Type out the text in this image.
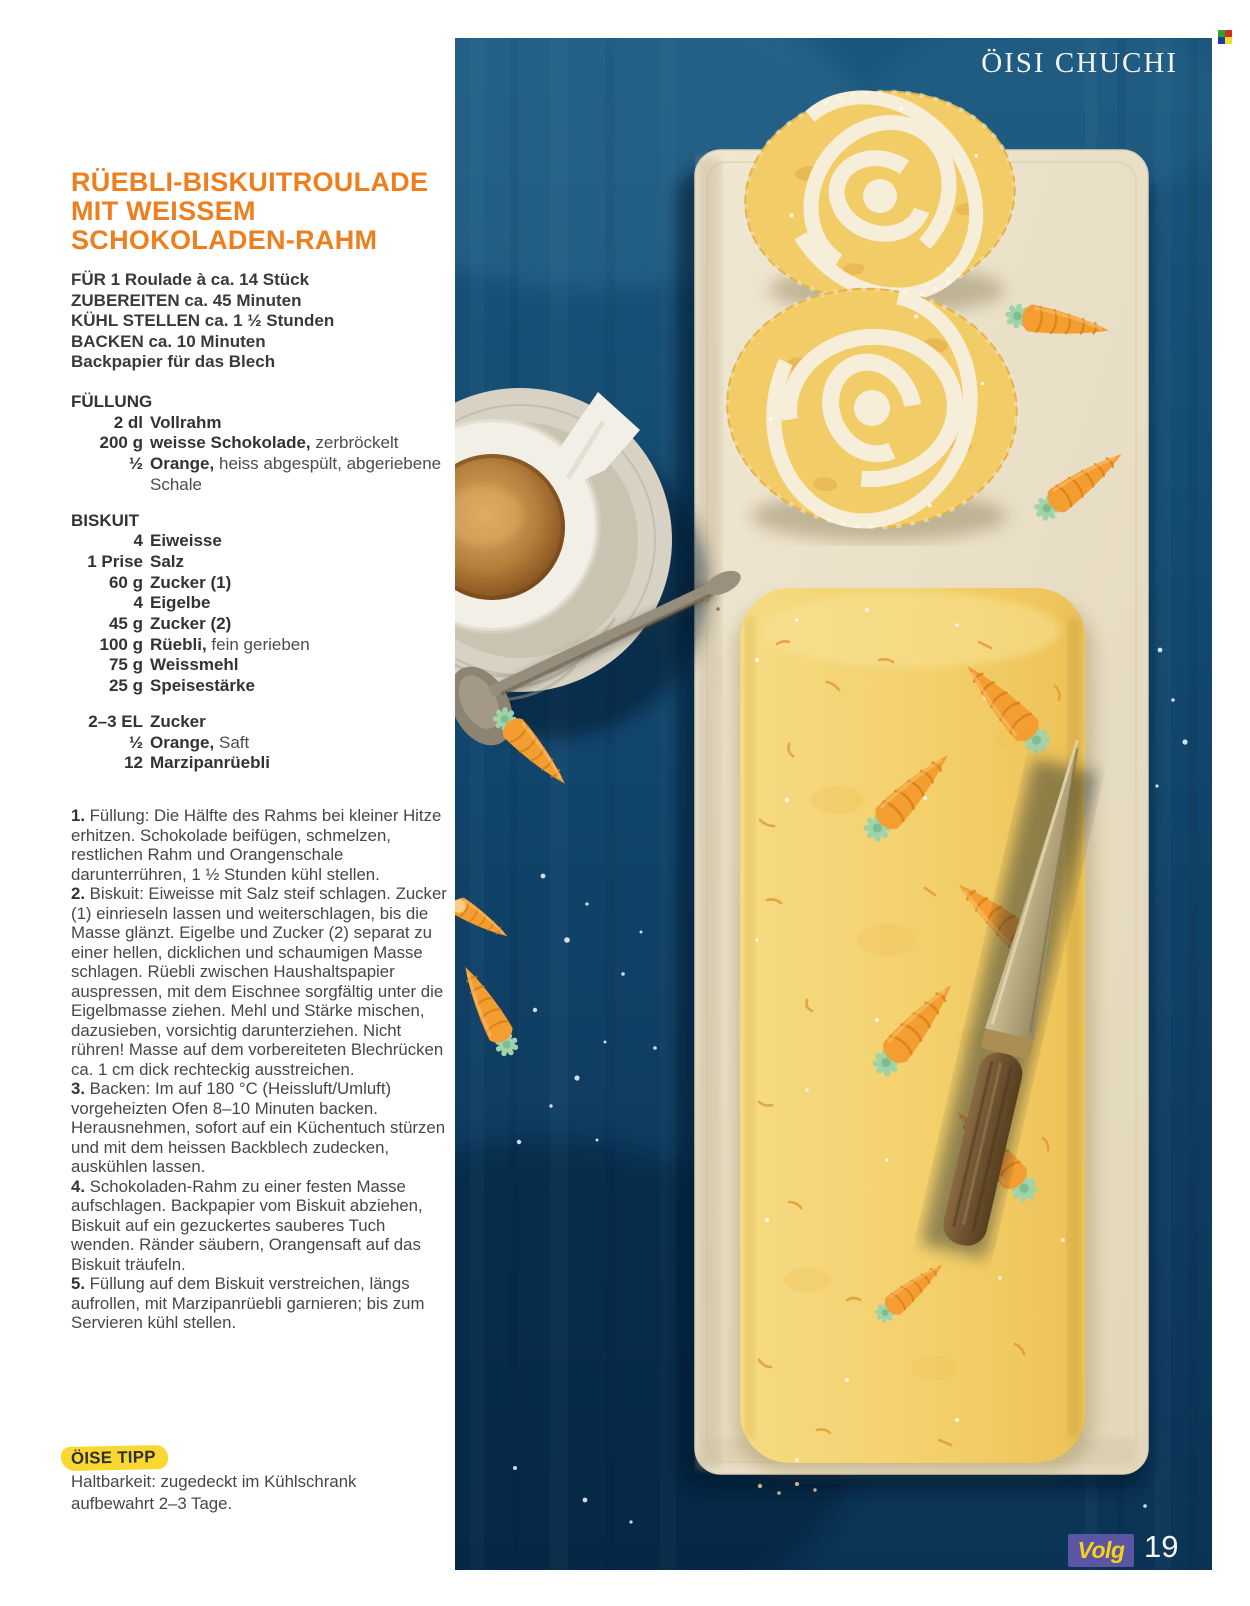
RÜEBLI-BISKUITROULADE
MIT WEISSEM
SCHOKOLADEN-RAHM
FÜR 1 Roulade à ca. 14 Stück
ZUBEREITEN ca. 45 Minuten
KÜHL STELLEN ca. 1 ½ Stunden
BACKEN ca. 10 Minuten
Backpapier für das Blech
FÜLLUNG
2 dl Vollrahm
200 g weisse Schokolade, zerbröckelt
½ Orange, heiss abgespült, abgeriebene Schale
BISKUIT
4 Eiweisse
1 Prise Salz
60 g Zucker (1)
4 Eigelbe
45 g Zucker (2)
100 g Rüebli, fein gerieben
75 g Weissmehl
25 g Speisestärke
2–3 EL Zucker
½ Orange, Saft
12 Marzipanrüebli

1. Füllung: Die Hälfte des Rahms bei kleiner Hitze erhitzen. Schokolade beifügen, schmelzen, restlichen Rahm und Orangenschale darunterrühren, 1 ½ Stunden kühl stellen.

2. Biskuit: Eiweisse mit Salz steif schlagen. Zucker (1) einrieseln lassen und weiterschlagen, bis die Masse glänzt. Eigelbe und Zucker (2) separat zu einer hellen, dicklichen und schaumigen Masse schlagen. Rüebli zwischen Haushaltspapier auspressen, mit dem Eischnee sorgfältig unter die Eigelbmasse ziehen. Mehl und Stärke mischen, dazusieben, vorsichtig darunterziehen. Nicht rühren! Masse auf dem vorbereiteten Blechrücken ca. 1 cm dick rechteckig ausstreichen.

3. Backen: Im auf 180 °C (Heissluft/Umluft) vorgeheizten Ofen 8–10 Minuten backen. Herausnehmen, sofort auf ein Küchentuch stürzen und mit dem heissen Backblech zudecken, auskühlen lassen.

4. Schokoladen-Rahm zu einer festen Masse aufschlagen. Backpapier vom Biskuit abziehen, Biskuit auf ein gezuckertes sauberes Tuch wenden. Ränder säubern, Orangensaft auf das Biskuit träufeln.

5. Füllung auf dem Biskuit verstreichen, längs aufrollen, mit Marzipanrüebli garnieren; bis zum Servieren kühl stellen.

ÖISE TIPP
Haltbarkeit: zugedeckt im Kühlschrank
aufbewahrt 2–3 Tage.
ÖISI CHUCHI
Volg 19
